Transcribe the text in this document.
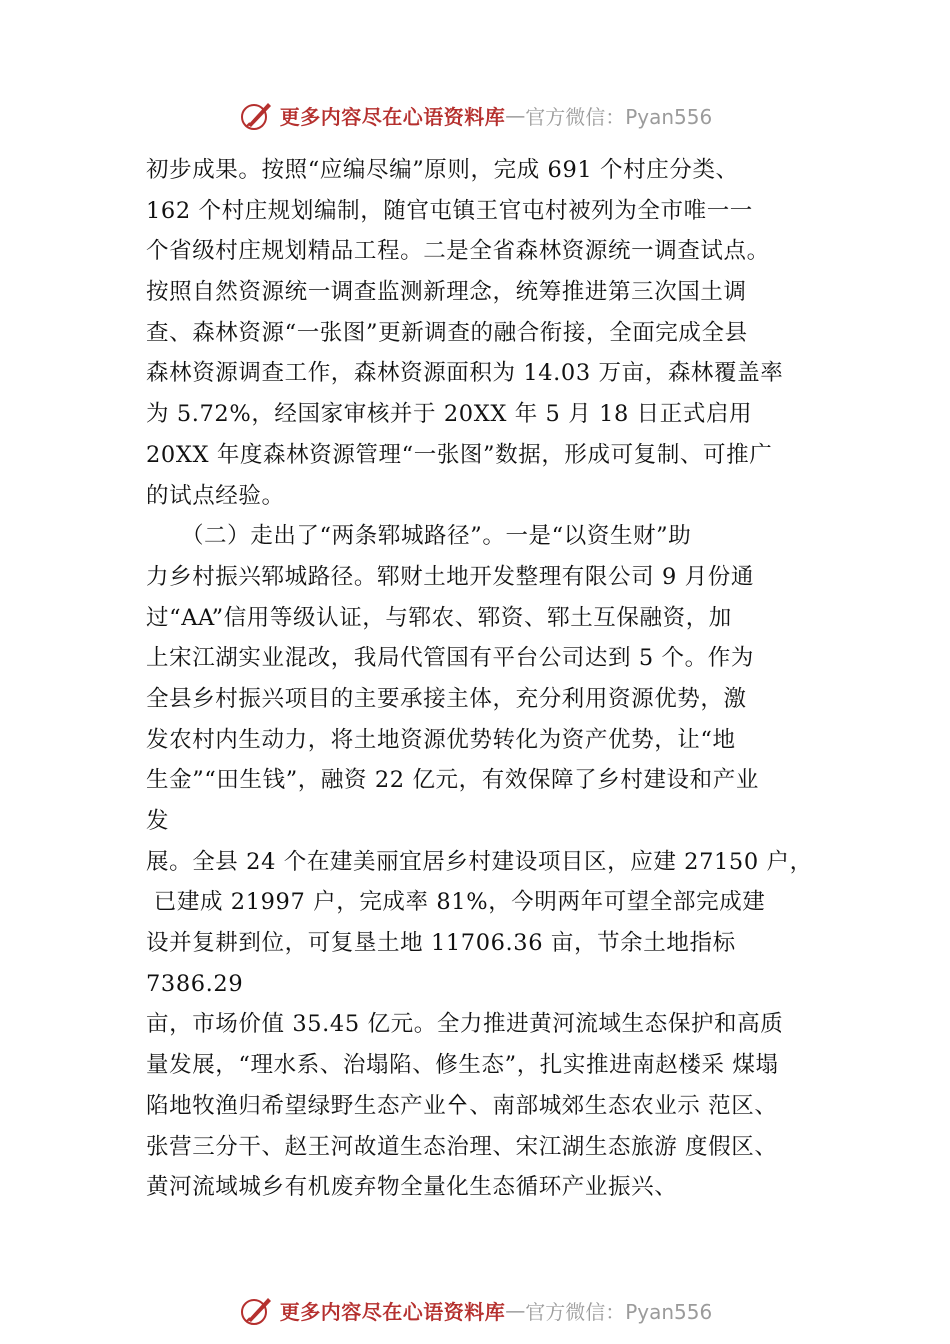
更多内容尽在心语资料库 — 官方微信：Pyan556
初步成果。按照“应编尽编”原则，完成 691 个村庄分类、
162 个村庄规划编制，随官屯镇王官屯村被列为全市唯一一
个省级村庄规划精品工程。二是全省森林资源统一调查试点。
按照自然资源统一调查监测新理念，统筹推进第三次国土调
查、森林资源“一张图”更新调查的融合衔接，全面完成全县
森林资源调查工作，森林资源面积为 14.03 万亩，森林覆盖率
为 5.72%，经国家审核并于 20XX 年 5 月 18 日正式启用
20XX 年度森林资源管理“一张图”数据，形成可复制、可推广
的试点经验。
　　（二）走出了“两条郓城路径”。一是“以资生财”助
力乡村振兴郓城路径。郓财土地开发整理有限公司 9 月份通
过“AA”信用等级认证，与郓农、郓资、郓土互保融资，加
上宋江湖实业混改，我局代管国有平台公司达到 5 个。作为
全县乡村振兴项目的主要承接主体，充分利用资源优势，激
发农村内生动力，将土地资源优势转化为资产优势，让“地
生金”“田生钱”，融资 22 亿元，有效保障了乡村建设和产业
发
展。全县 24 个在建美丽宜居乡村建设项目区，应建 27150 户，
已建成 21997 户，完成率 81%，今明两年可望全部完成建
设并复耕到位，可复垦土地 11706.36 亩，节余土地指标
7386.29
亩，市场价值 35.45 亿元。全力推进黄河流域生态保护和高质
量发展，“理水系、治塌陷、修生态”，扎实推进南赵楼采 煤塌
陷地牧渔归希望绿野生态产业㐃、南部城郊生态农业示 范区、
张营三分干、赵王河故道生态治理、宋江湖生态旅游 度假区、
黄河流域城乡有机废弃物全量化生态循环产业振兴、
更多内容尽在心语资料库 — 官方微信：Pyan556
